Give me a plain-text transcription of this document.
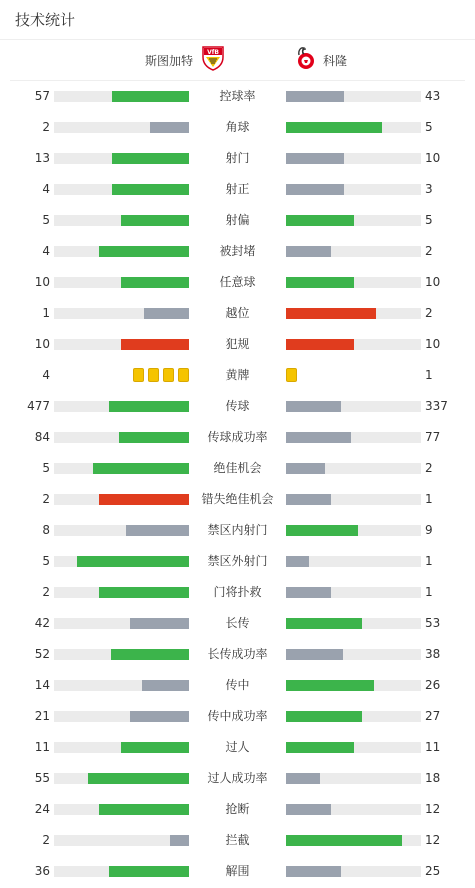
技术统计
斯图加特
VfB
科隆
57	控球率	43
2	角球	5
13	射门	10
4	射正	3
5	射偏	5
4	被封堵	2
10	任意球	10
1	越位	2
10	犯规	10
4	黄牌	1
477	传球	337
84	传球成功率	77
5	绝佳机会	2
2	错失绝佳机会	1
8	禁区内射门	9
5	禁区外射门	1
2	门将扑救	1
42	长传	53
52	长传成功率	38
14	传中	26
21	传中成功率	27
11	过人	11
55	过人成功率	18
24	抢断	12
2	拦截	12
36	解围	25
